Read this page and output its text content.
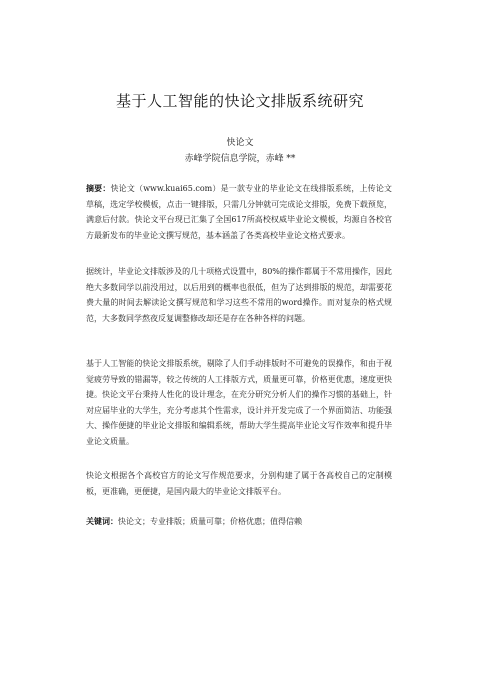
基于人工智能的快论文排版系统研究
快论文
赤峰学院信息学院，赤峰 **

摘要：快论文（www.kuai65.com）是一款专业的毕业论文在线排版系统，上传论文草稿，选定学校模板，点击一键排版，只需几分钟就可完成论文排版，免费下载预览，满意后付款。快论文平台现已汇集了全国617所高校权威毕业论文模板，均源自各校官方最新发布的毕业论文撰写规范，基本涵盖了各类高校毕业论文格式要求。

据统计，毕业论文排版涉及的几十项格式设置中，80%的操作都属于不常用操作，因此绝大多数同学以前没用过，以后用到的概率也很低，但为了达到排版的规范，却需要花费大量的时间去解读论文撰写规范和学习这些不常用的word操作。而对复杂的格式规范，大多数同学熬夜反复调整修改却还是存在各种各样的问题。

基于人工智能的快论文排版系统，剔除了人们手动排版时不可避免的误操作，和由于视觉疲劳导致的错漏等，较之传统的人工排版方式，质量更可靠，价格更优惠，速度更快捷。快论文平台秉持人性化的设计理念，在充分研究分析人们的操作习惯的基础上，针对应届毕业的大学生，充分考虑其个性需求，设计并开发完成了一个界面简洁、功能强大、操作便捷的毕业论文排版和编辑系统，帮助大学生提高毕业论文写作效率和提升毕业论文质量。

快论文根据各个高校官方的论文写作规范要求，分别构建了属于各高校自己的定制模板，更准确，更便捷，是国内最大的毕业论文排版平台。

关键词：快论文；专业排版；质量可靠；价格优惠；值得信赖
